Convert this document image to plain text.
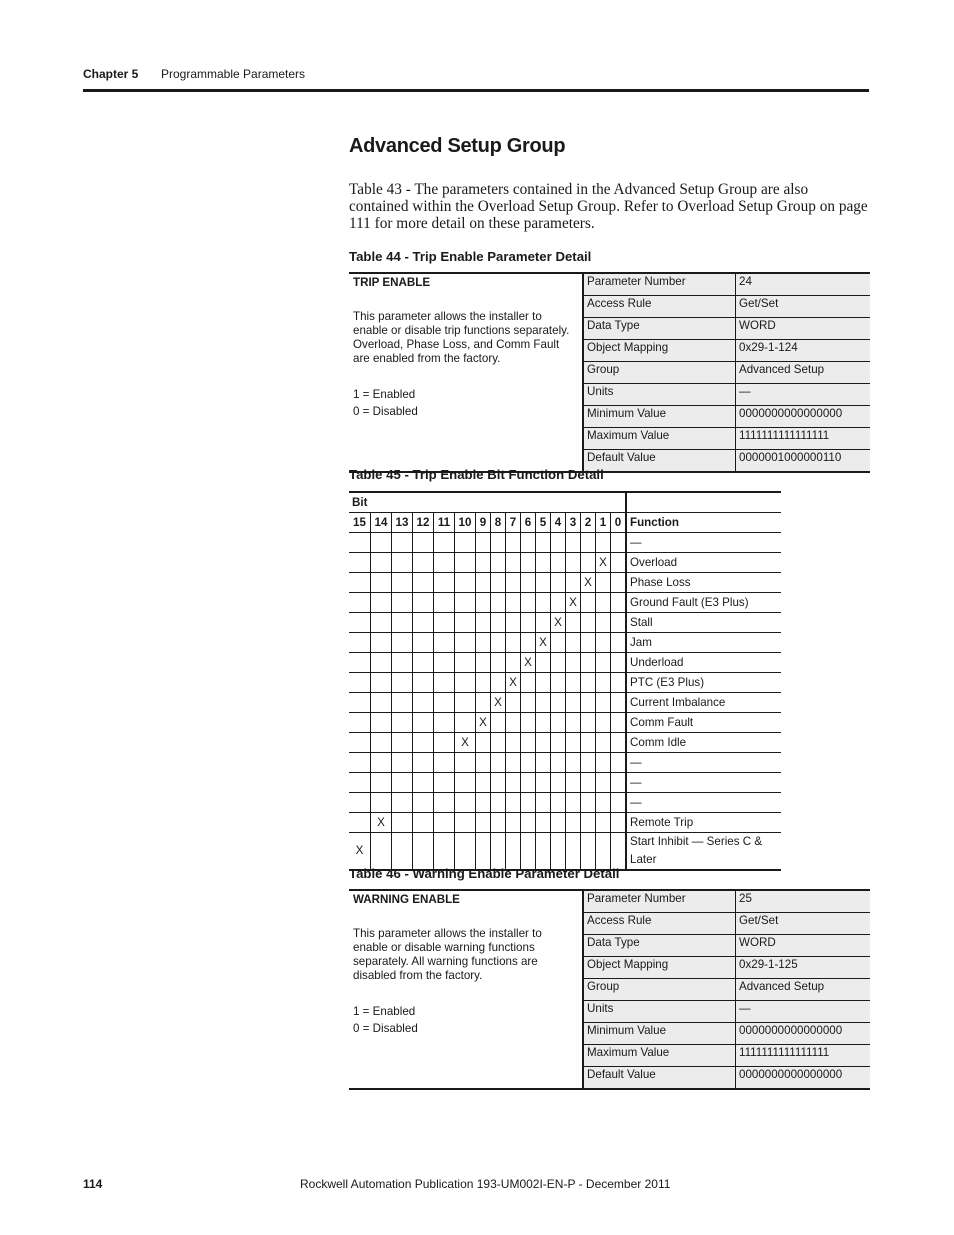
Chapter 5 Programmable Parameters
Advanced Setup Group
Table 43 - The parameters contained in the Advanced Setup Group are also contained within the Overload Setup Group. Refer to Overload Setup Group on page 111 for more detail on these parameters.
Table 44 - Trip Enable Parameter Detail
TRIP ENABLE
This parameter allows the installer to enable or disable trip functions separately. Overload, Phase Loss, and Comm Fault are enabled from the factory.
1 = Enabled
0 = Disabled	Parameter Number	24
	Access Rule	Get/Set
	Data Type	WORD
	Object Mapping	0x29-1-124
	Group	Advanced Setup
	Units	—
	Minimum Value	0000000000000000
	Maximum Value	1111111111111111
	Default Value	0000001000000110
Table 45 - Trip Enable Bit Function Detail
Bit																
15	14	13	12	11	10	9	8	7	6	5	4	3	2	1	0	Function
																—
														X		Overload
													X			Phase Loss
												X				Ground Fault (E3 Plus)
											X					Stall
										X						Jam
									X							Underload
								X								PTC (E3 Plus)
							X									Current Imbalance
						X										Comm Fault
					X											Comm Idle
																—
																—
																—
	X															Remote Trip
X																Start Inhibit — Series C & Later
Table 46 - Warning Enable Parameter Detail
WARNING ENABLE
This parameter allows the installer to enable or disable warning functions separately. All warning functions are disabled from the factory.
1 = Enabled
0 = Disabled	Parameter Number	25
	Access Rule	Get/Set
	Data Type	WORD
	Object Mapping	0x29-1-125
	Group	Advanced Setup
	Units	—
	Minimum Value	0000000000000000
	Maximum Value	1111111111111111
	Default Value	0000000000000000
114	Rockwell Automation Publication 193-UM002I-EN-P - December 2011
